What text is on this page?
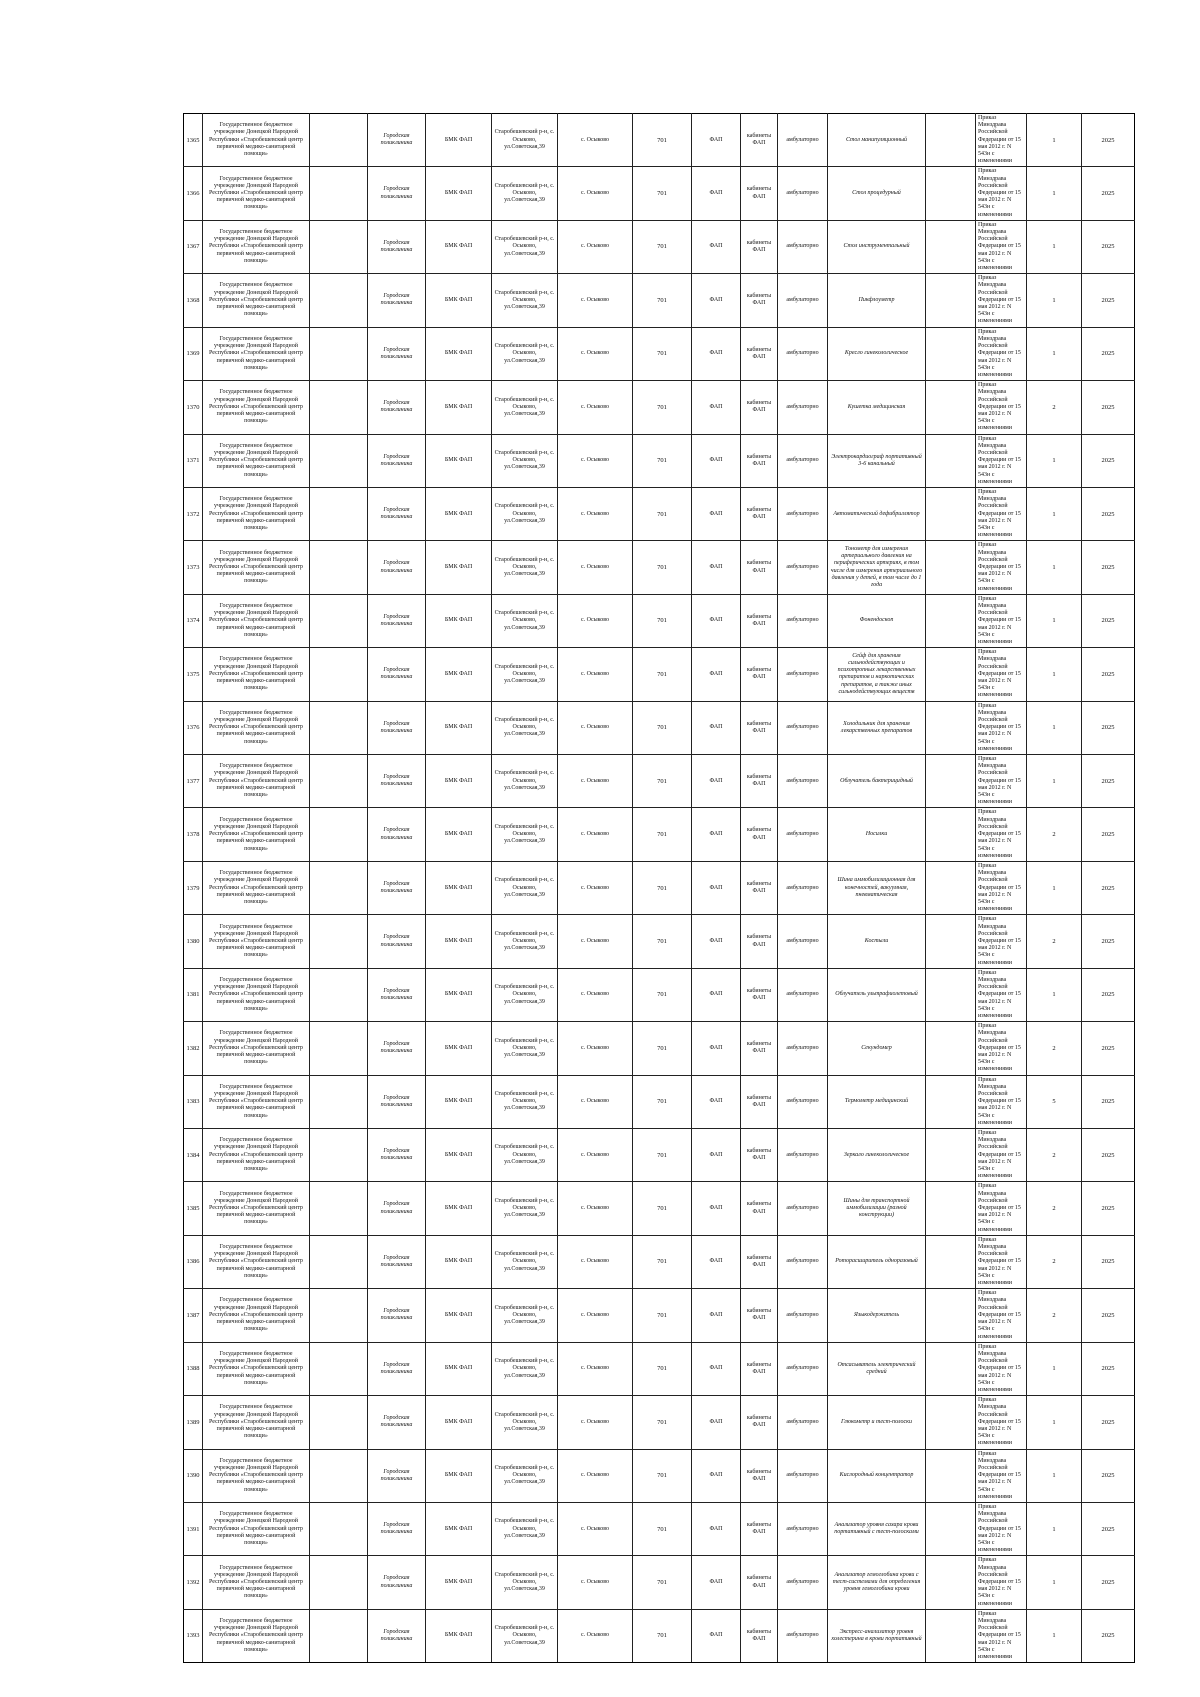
1365	Государственное бюджетное учреждение Донецкой Народной Республики «Старобешевский центр первичной медико-санитарной помощи»		Городская поликлиника	БМК ФАП	Старобешевский р-н, с. Осыково, ул.Советская,39	с. Осыково	701	ФАП	кабинеты ФАП	амбулаторно	Стол манипуляционный		Приказ Минздрава Российской Федерации от 15 мая 2012 г. N 543н с изменениями	1	2025
1366	Государственное бюджетное учреждение Донецкой Народной Республики «Старобешевский центр первичной медико-санитарной помощи»		Городская поликлиника	БМК ФАП	Старобешевский р-н, с. Осыково, ул.Советская,39	с. Осыково	701	ФАП	кабинеты ФАП	амбулаторно	Стол процедурный		Приказ Минздрава Российской Федерации от 15 мая 2012 г. N 543н с изменениями	1	2025
1367	Государственное бюджетное учреждение Донецкой Народной Республики «Старобешевский центр первичной медико-санитарной помощи»		Городская поликлиника	БМК ФАП	Старобешевский р-н, с. Осыково, ул.Советская,39	с. Осыково	701	ФАП	кабинеты ФАП	амбулаторно	Стол инструментальный		Приказ Минздрава Российской Федерации от 15 мая 2012 г. N 543н с изменениями	1	2025
1368	Государственное бюджетное учреждение Донецкой Народной Республики «Старобешевский центр первичной медико-санитарной помощи»		Городская поликлиника	БМК ФАП	Старобешевский р-н, с. Осыково, ул.Советская,39	с. Осыково	701	ФАП	кабинеты ФАП	амбулаторно	Пикфлоуметр		Приказ Минздрава Российской Федерации от 15 мая 2012 г. N 543н с изменениями	1	2025
1369	Государственное бюджетное учреждение Донецкой Народной Республики «Старобешевский центр первичной медико-санитарной помощи»		Городская поликлиника	БМК ФАП	Старобешевский р-н, с. Осыково, ул.Советская,39	с. Осыково	701	ФАП	кабинеты ФАП	амбулаторно	Кресло гинекологическое		Приказ Минздрава Российской Федерации от 15 мая 2012 г. N 543н с изменениями	1	2025
1370	Государственное бюджетное учреждение Донецкой Народной Республики «Старобешевский центр первичной медико-санитарной помощи»		Городская поликлиника	БМК ФАП	Старобешевский р-н, с. Осыково, ул.Советская,39	с. Осыково	701	ФАП	кабинеты ФАП	амбулаторно	Кушетка медицинская		Приказ Минздрава Российской Федерации от 15 мая 2012 г. N 543н с изменениями	2	2025
1371	Государственное бюджетное учреждение Донецкой Народной Республики «Старобешевский центр первичной медико-санитарной помощи»		Городская поликлиника	БМК ФАП	Старобешевский р-н, с. Осыково, ул.Советская,39	с. Осыково	701	ФАП	кабинеты ФАП	амбулаторно	Электрокардиограф портативный 3-6 канальный		Приказ Минздрава Российской Федерации от 15 мая 2012 г. N 543н с изменениями	1	2025
1372	Государственное бюджетное учреждение Донецкой Народной Республики «Старобешевский центр первичной медико-санитарной помощи»		Городская поликлиника	БМК ФАП	Старобешевский р-н, с. Осыково, ул.Советская,39	с. Осыково	701	ФАП	кабинеты ФАП	амбулаторно	Автоматический дефибриллятор		Приказ Минздрава Российской Федерации от 15 мая 2012 г. N 543н с изменениями	1	2025
1373	Государственное бюджетное учреждение Донецкой Народной Республики «Старобешевский центр первичной медико-санитарной помощи»		Городская поликлиника	БМК ФАП	Старобешевский р-н, с. Осыково, ул.Советская,39	с. Осыково	701	ФАП	кабинеты ФАП	амбулаторно	Тонометр для измерения артериального давления на периферических артериях, в том числе для измерения артериального давления у детей, в том числе до 1 года		Приказ Минздрава Российской Федерации от 15 мая 2012 г. N 543н с изменениями	1	2025
1374	Государственное бюджетное учреждение Донецкой Народной Республики «Старобешевский центр первичной медико-санитарной помощи»		Городская поликлиника	БМК ФАП	Старобешевский р-н, с. Осыково, ул.Советская,39	с. Осыково	701	ФАП	кабинеты ФАП	амбулаторно	Фонендоскоп		Приказ Минздрава Российской Федерации от 15 мая 2012 г. N 543н с изменениями	1	2025
1375	Государственное бюджетное учреждение Донецкой Народной Республики «Старобешевский центр первичной медико-санитарной помощи»		Городская поликлиника	БМК ФАП	Старобешевский р-н, с. Осыково, ул.Советская,39	с. Осыково	701	ФАП	кабинеты ФАП	амбулаторно	Сейф для хранения сильнодействующих и психотропных лекарственных препаратов и наркотических препаратов, а также иных сильнодействующих веществ		Приказ Минздрава Российской Федерации от 15 мая 2012 г. N 543н с изменениями	1	2025
1376	Государственное бюджетное учреждение Донецкой Народной Республики «Старобешевский центр первичной медико-санитарной помощи»		Городская поликлиника	БМК ФАП	Старобешевский р-н, с. Осыково, ул.Советская,39	с. Осыково	701	ФАП	кабинеты ФАП	амбулаторно	Холодильник для хранения лекарственных препаратов		Приказ Минздрава Российской Федерации от 15 мая 2012 г. N 543н с изменениями	1	2025
1377	Государственное бюджетное учреждение Донецкой Народной Республики «Старобешевский центр первичной медико-санитарной помощи»		Городская поликлиника	БМК ФАП	Старобешевский р-н, с. Осыково, ул.Советская,39	с. Осыково	701	ФАП	кабинеты ФАП	амбулаторно	Облучатель бактерицидный		Приказ Минздрава Российской Федерации от 15 мая 2012 г. N 543н с изменениями	1	2025
1378	Государственное бюджетное учреждение Донецкой Народной Республики «Старобешевский центр первичной медико-санитарной помощи»		Городская поликлиника	БМК ФАП	Старобешевский р-н, с. Осыково, ул.Советская,39	с. Осыково	701	ФАП	кабинеты ФАП	амбулаторно	Носилки		Приказ Минздрава Российской Федерации от 15 мая 2012 г. N 543н с изменениями	2	2025
1379	Государственное бюджетное учреждение Донецкой Народной Республики «Старобешевский центр первичной медико-санитарной помощи»		Городская поликлиника	БМК ФАП	Старобешевский р-н, с. Осыково, ул.Советская,39	с. Осыково	701	ФАП	кабинеты ФАП	амбулаторно	Шина иммобилизационная для конечностей, вакуумная, пневматическая		Приказ Минздрава Российской Федерации от 15 мая 2012 г. N 543н с изменениями	1	2025
1380	Государственное бюджетное учреждение Донецкой Народной Республики «Старобешевский центр первичной медико-санитарной помощи»		Городская поликлиника	БМК ФАП	Старобешевский р-н, с. Осыково, ул.Советская,39	с. Осыково	701	ФАП	кабинеты ФАП	амбулаторно	Костыли		Приказ Минздрава Российской Федерации от 15 мая 2012 г. N 543н с изменениями	2	2025
1381	Государственное бюджетное учреждение Донецкой Народной Республики «Старобешевский центр первичной медико-санитарной помощи»		Городская поликлиника	БМК ФАП	Старобешевский р-н, с. Осыково, ул.Советская,39	с. Осыково	701	ФАП	кабинеты ФАП	амбулаторно	Облучатель ультрафиолетовый		Приказ Минздрава Российской Федерации от 15 мая 2012 г. N 543н с изменениями	1	2025
1382	Государственное бюджетное учреждение Донецкой Народной Республики «Старобешевский центр первичной медико-санитарной помощи»		Городская поликлиника	БМК ФАП	Старобешевский р-н, с. Осыково, ул.Советская,39	с. Осыково	701	ФАП	кабинеты ФАП	амбулаторно	Секундомер		Приказ Минздрава Российской Федерации от 15 мая 2012 г. N 543н с изменениями	2	2025
1383	Государственное бюджетное учреждение Донецкой Народной Республики «Старобешевский центр первичной медико-санитарной помощи»		Городская поликлиника	БМК ФАП	Старобешевский р-н, с. Осыково, ул.Советская,39	с. Осыково	701	ФАП	кабинеты ФАП	амбулаторно	Термометр медицинский		Приказ Минздрава Российской Федерации от 15 мая 2012 г. N 543н с изменениями	5	2025
1384	Государственное бюджетное учреждение Донецкой Народной Республики «Старобешевский центр первичной медико-санитарной помощи»		Городская поликлиника	БМК ФАП	Старобешевский р-н, с. Осыково, ул.Советская,39	с. Осыково	701	ФАП	кабинеты ФАП	амбулаторно	Зеркало гинекологическое		Приказ Минздрава Российской Федерации от 15 мая 2012 г. N 543н с изменениями	2	2025
1385	Государственное бюджетное учреждение Донецкой Народной Республики «Старобешевский центр первичной медико-санитарной помощи»		Городская поликлиника	БМК ФАП	Старобешевский р-н, с. Осыково, ул.Советская,39	с. Осыково	701	ФАП	кабинеты ФАП	амбулаторно	Шины для транспортной иммобилизации (разной конструкции)		Приказ Минздрава Российской Федерации от 15 мая 2012 г. N 543н с изменениями	2	2025
1386	Государственное бюджетное учреждение Донецкой Народной Республики «Старобешевский центр первичной медико-санитарной помощи»		Городская поликлиника	БМК ФАП	Старобешевский р-н, с. Осыково, ул.Советская,39	с. Осыково	701	ФАП	кабинеты ФАП	амбулаторно	Роторасширитель одноразовый		Приказ Минздрава Российской Федерации от 15 мая 2012 г. N 543н с изменениями	2	2025
1387	Государственное бюджетное учреждение Донецкой Народной Республики «Старобешевский центр первичной медико-санитарной помощи»		Городская поликлиника	БМК ФАП	Старобешевский р-н, с. Осыково, ул.Советская,39	с. Осыково	701	ФАП	кабинеты ФАП	амбулаторно	Языкодержатель		Приказ Минздрава Российской Федерации от 15 мая 2012 г. N 543н с изменениями	2	2025
1388	Государственное бюджетное учреждение Донецкой Народной Республики «Старобешевский центр первичной медико-санитарной помощи»		Городская поликлиника	БМК ФАП	Старобешевский р-н, с. Осыково, ул.Советская,39	с. Осыково	701	ФАП	кабинеты ФАП	амбулаторно	Отсасыватель электрический средний		Приказ Минздрава Российской Федерации от 15 мая 2012 г. N 543н с изменениями	1	2025
1389	Государственное бюджетное учреждение Донецкой Народной Республики «Старобешевский центр первичной медико-санитарной помощи»		Городская поликлиника	БМК ФАП	Старобешевский р-н, с. Осыково, ул.Советская,39	с. Осыково	701	ФАП	кабинеты ФАП	амбулаторно	Глюкометр и тест-полоски		Приказ Минздрава Российской Федерации от 15 мая 2012 г. N 543н с изменениями	1	2025
1390	Государственное бюджетное учреждение Донецкой Народной Республики «Старобешевский центр первичной медико-санитарной помощи»		Городская поликлиника	БМК ФАП	Старобешевский р-н, с. Осыково, ул.Советская,39	с. Осыково	701	ФАП	кабинеты ФАП	амбулаторно	Кислородный концентратор		Приказ Минздрава Российской Федерации от 15 мая 2012 г. N 543н с изменениями	1	2025
1391	Государственное бюджетное учреждение Донецкой Народной Республики «Старобешевский центр первичной медико-санитарной помощи»		Городская поликлиника	БМК ФАП	Старобешевский р-н, с. Осыково, ул.Советская,39	с. Осыково	701	ФАП	кабинеты ФАП	амбулаторно	Анализатор уровня сахара крови портативный с тест-полосками		Приказ Минздрава Российской Федерации от 15 мая 2012 г. N 543н с изменениями	1	2025
1392	Государственное бюджетное учреждение Донецкой Народной Республики «Старобешевский центр первичной медико-санитарной помощи»		Городская поликлиника	БМК ФАП	Старобешевский р-н, с. Осыково, ул.Советская,39	с. Осыково	701	ФАП	кабинеты ФАП	амбулаторно	Анализатор гемоглобина крови с тест-системами для определения уровня гемоглобина крови		Приказ Минздрава Российской Федерации от 15 мая 2012 г. N 543н с изменениями	1	2025
1393	Государственное бюджетное учреждение Донецкой Народной Республики «Старобешевский центр первичной медико-санитарной помощи»		Городская поликлиника	БМК ФАП	Старобешевский р-н, с. Осыково, ул.Советская,39	с. Осыково	701	ФАП	кабинеты ФАП	амбулаторно	Экспресс-анализатор уровня холестерина в крови портативный		Приказ Минздрава Российской Федерации от 15 мая 2012 г. N 543н с изменениями	1	2025
